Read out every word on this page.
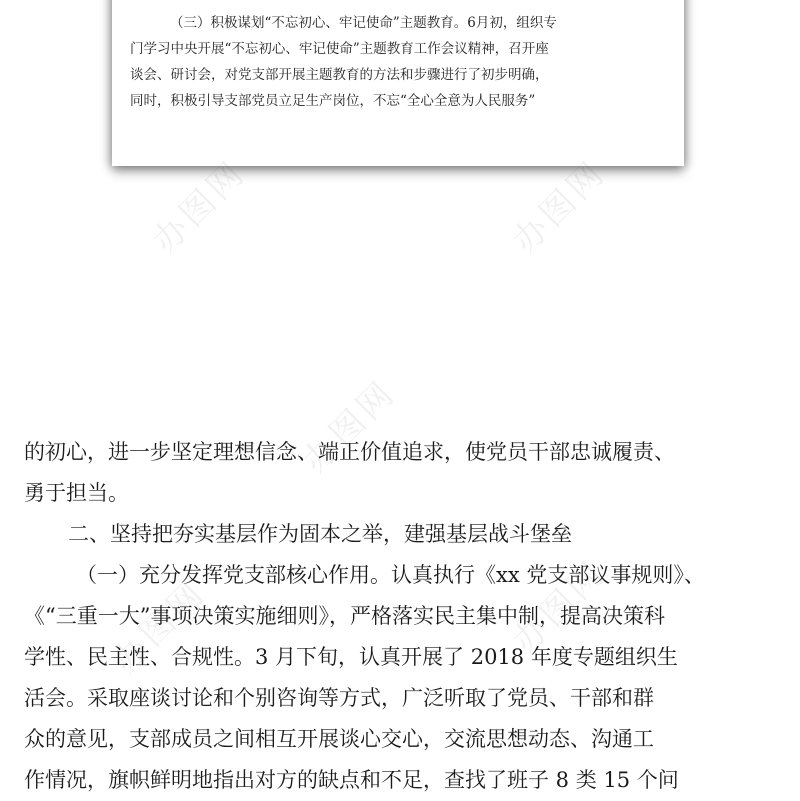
（三）积极谋划“不忘初心、牢记使命”主题教育。6月初，组织专
门学习中央开展“不忘初心、牢记使命”主题教育工作会议精神，召开座
谈会、研讨会，对党支部开展主题教育的方法和步骤进行了初步明确，
同时，积极引导支部党员立足生产岗位，不忘“全心全意为人民服务”
办图网	办图网
办图网
办图网	办图网
的初心，进一步坚定理想信念、端正价值追求，使党员干部忠诚履责、
勇于担当。
二、坚持把夯实基层作为固本之举，建强基层战斗堡垒
（一）充分发挥党支部核心作用。认真执行《xx 党支部议事规则》、
《“三重一大”事项决策实施细则》，严格落实民主集中制，提高决策科
学性、民主性、合规性。3 月下旬，认真开展了 2018 年度专题组织生
活会。采取座谈讨论和个别咨询等方式，广泛听取了党员、干部和群
众的意见，支部成员之间相互开展谈心交心，交流思想动态、沟通工
作情况，旗帜鲜明地指出对方的缺点和不足，查找了班子 8 类 15 个问
